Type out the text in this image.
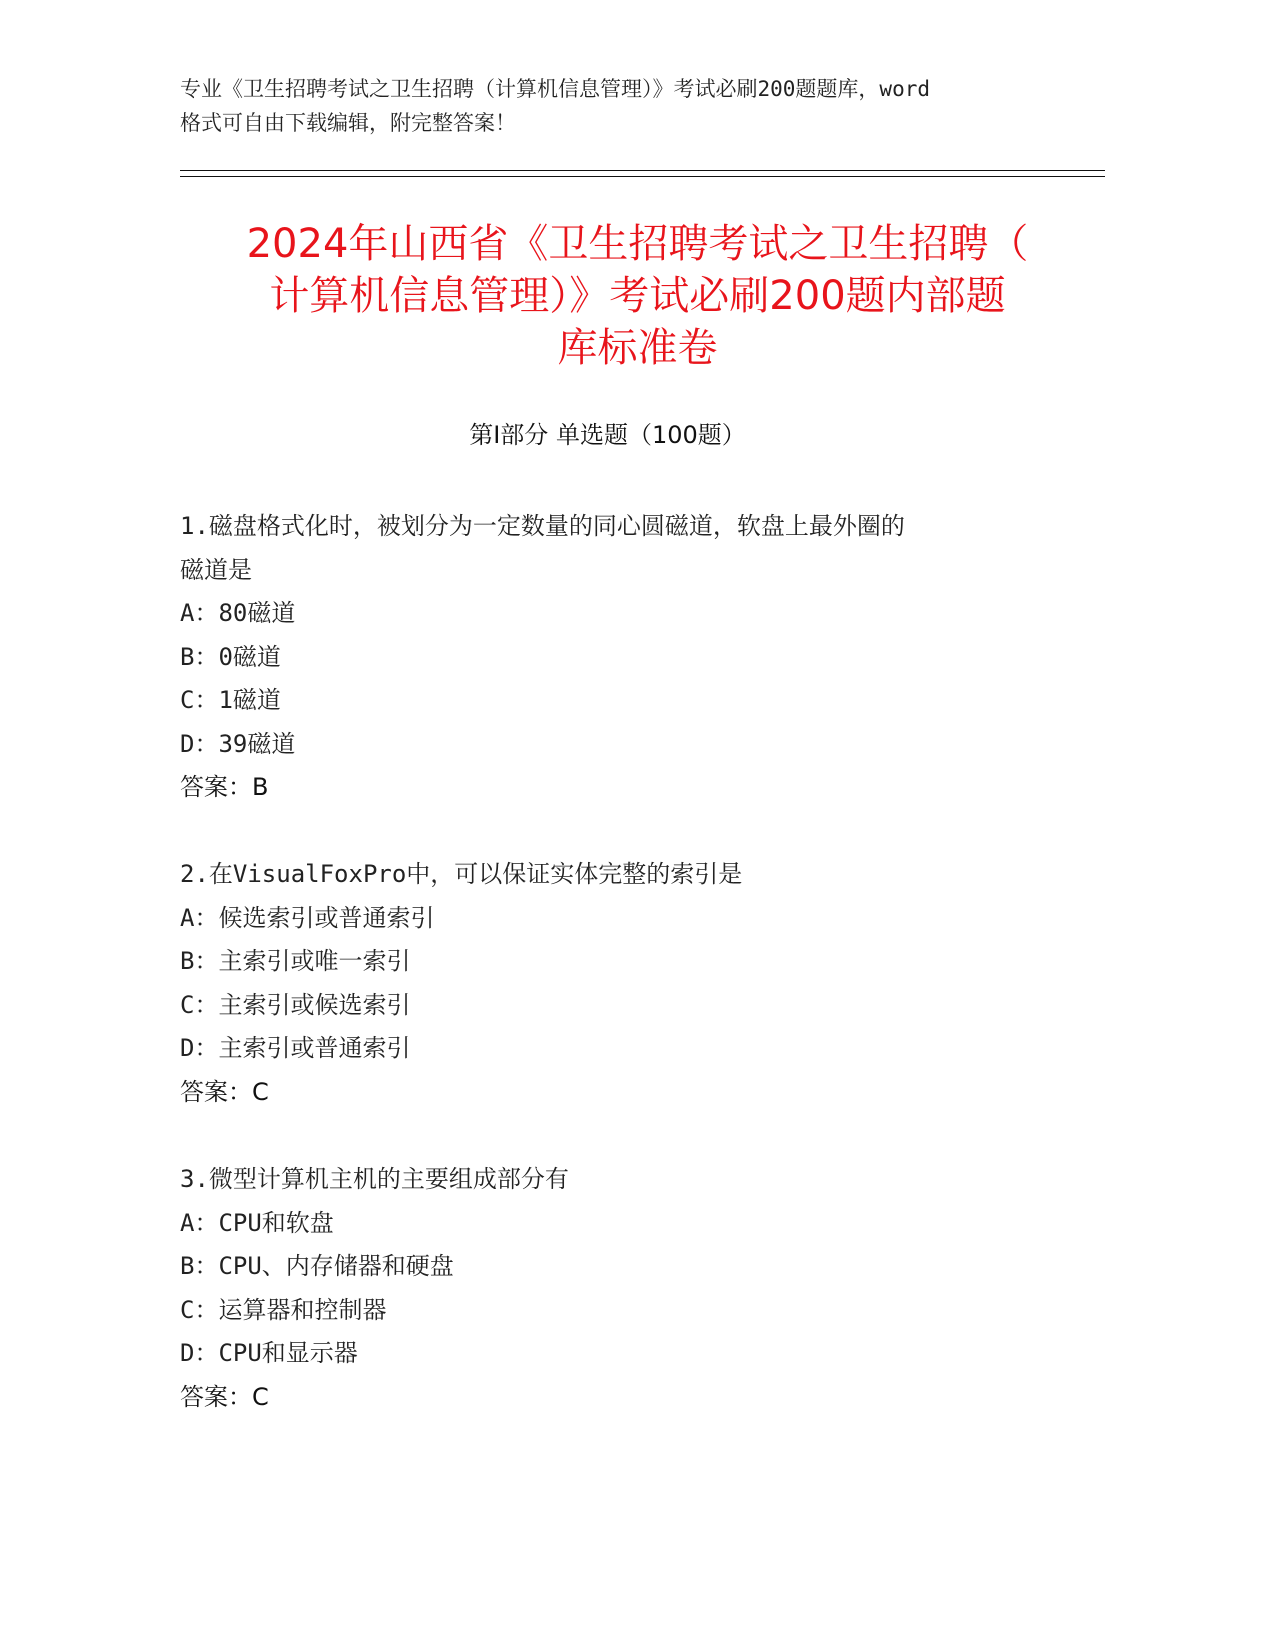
专业《卫生招聘考试之卫生招聘（计算机信息管理）》考试必刷200题题库，word
格式可自由下载编辑，附完整答案！
2024年山西省《卫生招聘考试之卫生招聘（
计算机信息管理）》考试必刷200题内部题
库标准卷
第Ⅰ部分 单选题（100题）

1.磁盘格式化时，被划分为一定数量的同心圆磁道，软盘上最外圈的

磁道是

A：80磁道

B：0磁道

C：1磁道

D：39磁道

答案：B

2.在VisualFoxPro中，可以保证实体完整的索引是

A：候选索引或普通索引

B：主索引或唯一索引

C：主索引或候选索引

D：主索引或普通索引

答案：C

3.微型计算机主机的主要组成部分有

A：CPU和软盘

B：CPU、内存储器和硬盘

C：运算器和控制器

D：CPU和显示器

答案：C
